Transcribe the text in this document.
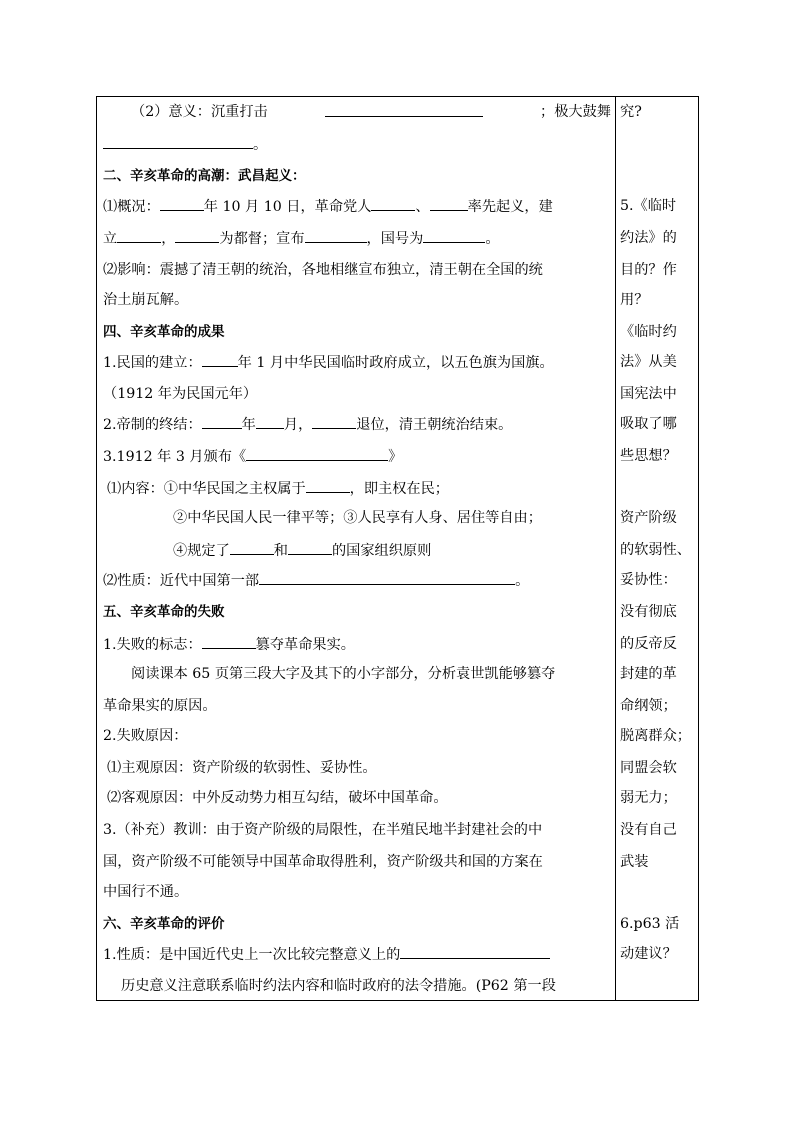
（2）意义：沉重打击	；极大鼓舞
。
二、辛亥革命的高潮：武昌起义：
⑴概况：	年 10 月 10 日，革命党人	、	率先起义，建
立	，	为都督；宣布	，国号为	。
⑵影响：震撼了清王朝的统治，各地相继宣布独立，清王朝在全国的统
治土崩瓦解。
四、辛亥革命的成果
1.民国的建立：	年 1 月中华民国临时政府成立，以五色旗为国旗。
（1912 年为民国元年）
2.帝制的终结：	年 月，	退位，清王朝统治结束。
3.1912 年 3 月颁布《	》
⑴内容：①中华民国之主权属于	，即主权在民；
②中华民国人民一律平等；③人民享有人身、居住等自由；
④规定了	和	的国家组织原则
⑵性质：近代中国第一部	。
五、辛亥革命的失败
1.失败的标志：	篡夺革命果实。
阅读课本 65 页第三段大字及其下的小字部分，分析袁世凯能够篡夺
革命果实的原因。
2.失败原因：
⑴主观原因：资产阶级的软弱性、妥协性。
⑵客观原因：中外反动势力相互勾结，破坏中国革命。
3.（补充）教训：由于资产阶级的局限性，在半殖民地半封建社会的中
国，资产阶级不可能领导中国革命取得胜利，资产阶级共和国的方案在
中国行不通。
六、辛亥革命的评价
1.性质：是中国近代史上一次比较完整意义上的
历史意义注意联系临时约法内容和临时政府的法令措施。(P62 第一段
究?
5.《临时
约法》的
目的？作
用？
《临时约
法》从美
国宪法中
吸取了哪
些思想？
资产阶级
的软弱性、
妥协性：
没有彻底
的反帝反
封建的革
命纲领；
脱离群众；
同盟会软
弱无力；
没有自己
武装
6.p63 活
动建议？
